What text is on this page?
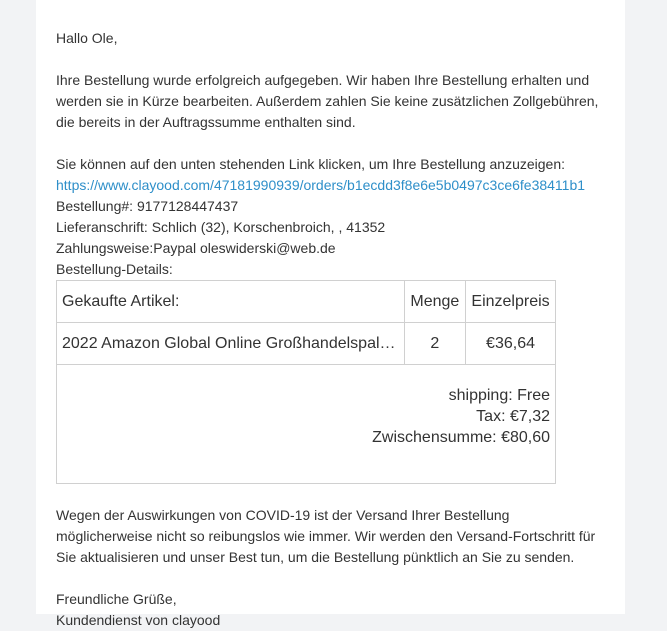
Hallo Ole,

Ihre Bestellung wurde erfolgreich aufgegeben. Wir haben Ihre Bestellung erhalten und werden sie in Kürze bearbeiten. Außerdem zahlen Sie keine zusätzlichen Zollgebühren, die bereits in der Auftragssumme enthalten sind.

Sie können auf den unten stehenden Link klicken, um Ihre Bestellung anzuzeigen:

https://www.clayood.com/47181990939/orders/b1ecdd3f8e6e5b0497c3ce6fe38411b1

Bestellung#: 9177128447437

Lieferanschrift: Schlich (32), Korschenbroich, , 41352

Zahlungsweise:Paypal oleswiderski@web.de

Bestellung-Details:

Gekaufte Artikel:	Menge	Einzelpreis
2022 Amazon Global Online Großhandelspal…	2	€36,64

shipping: Free
Tax: €7,32
Zwischensumme: €80,60		

Wegen der Auswirkungen von COVID-19 ist der Versand Ihrer Bestellung möglicherweise nicht so reibungslos wie immer. Wir werden den Versand-Fortschritt für Sie aktualisieren und unser Best tun, um die Bestellung pünktlich an Sie zu senden.

Freundliche Grüße,

Kundendienst von clayood
